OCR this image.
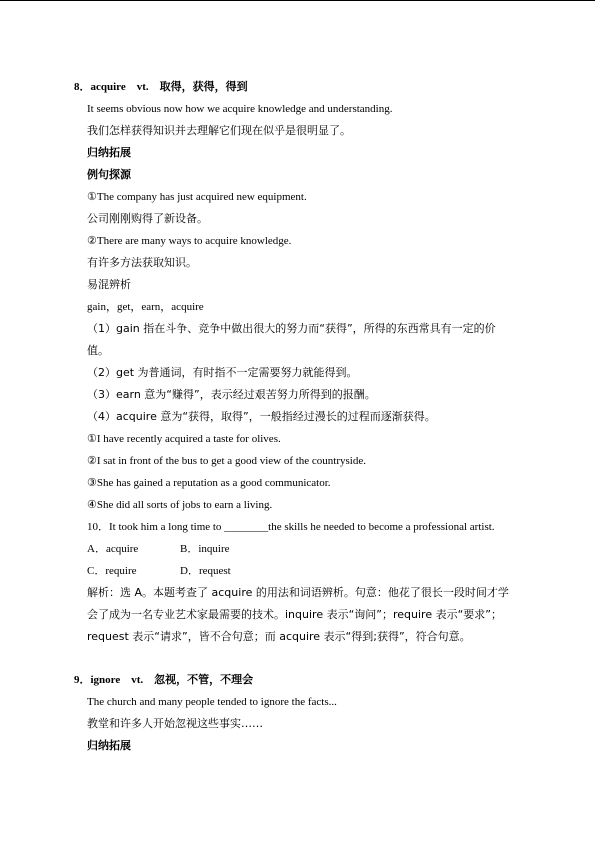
8．acquire　vt.　取得，获得，得到
It seems obvious now how we acquire knowledge and understanding.
我们怎样获得知识并去理解它们现在似乎是很明显了。
归纳拓展
例句探源
①The company has just acquired new equipment.
公司刚刚购得了新设备。
②There are many ways to acquire knowledge.
有许多方法获取知识。
易混辨析
gain，get，earn，acquire
（1）gain 指在斗争、竞争中做出很大的努力而“获得”，所得的东西常具有一定的价
值。
（2）get 为普通词，有时指不一定需要努力就能得到。
（3）earn 意为“赚得”，表示经过艰苦努力所得到的报酬。
（4）acquire 意为“获得，取得”，一般指经过漫长的过程而逐渐获得。
①I have recently acquired a taste for olives.
②I sat in front of the bus to get a good view of the countryside.
③She has gained a reputation as a good communicator.
④She did all sorts of jobs to earn a living.
10．It took him a long time to ________the skills he needed to become a professional artist.
A．acquire	B．inquire
C．require	D．request
解析：选 A。本题考查了 acquire 的用法和词语辨析。句意：他花了很长一段时间才学
会了成为一名专业艺术家最需要的技术。inquire 表示“询问”；require 表示“要求”；
request 表示“请求”，皆不合句意；而 acquire 表示“得到;获得”，符合句意。
9．ignore　vt.　忽视，不管，不理会
The church and many people tended to ignore the facts...
教堂和许多人开始忽视这些事实……
归纳拓展
